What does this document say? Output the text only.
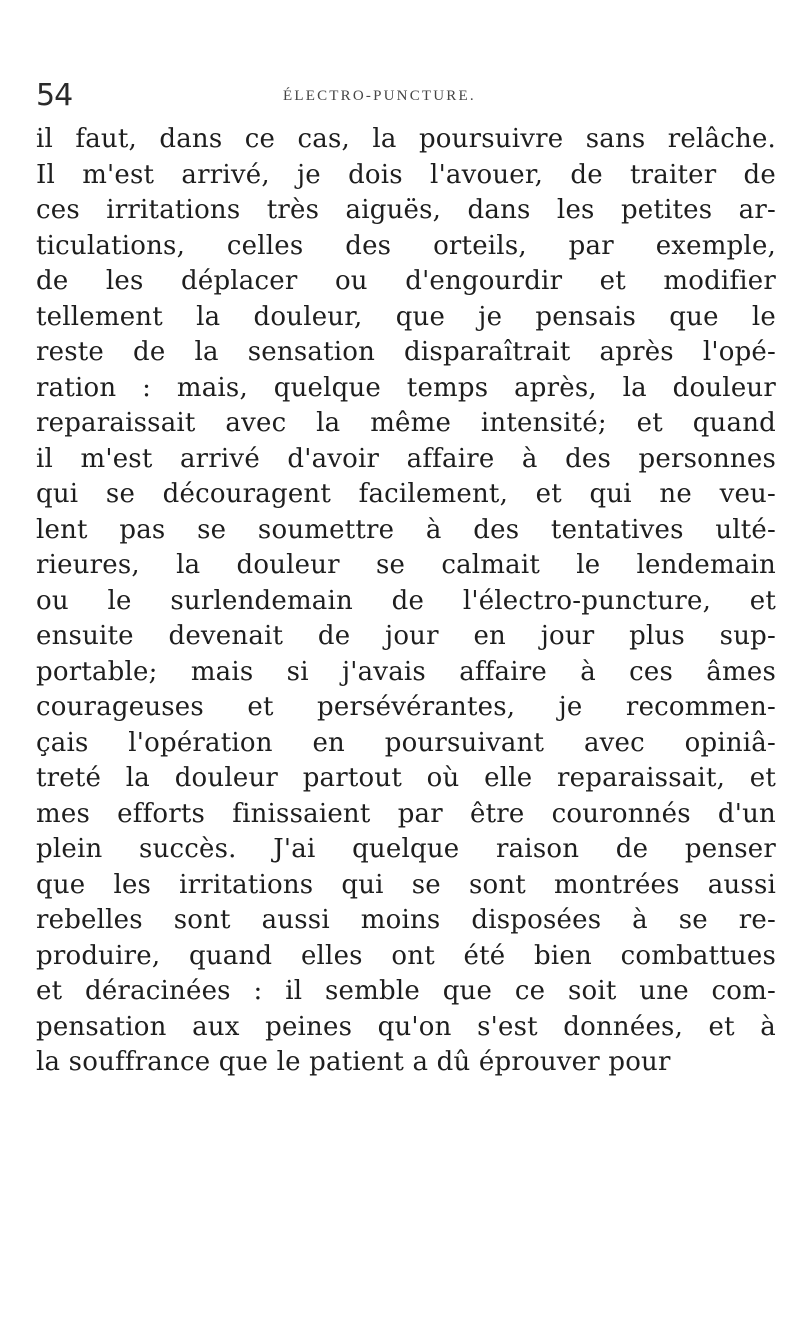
54	ÉLECTRO-PUNCTURE.
il faut, dans ce cas, la poursuivre sans relâche.
Il m'est arrivé, je dois l'avouer, de traiter de
ces irritations très aiguës, dans les petites ar-
ticulations, celles des orteils, par exemple,
de les déplacer ou d'engourdir et modifier
tellement la douleur, que je pensais que le
reste de la sensation disparaîtrait après l'opé-
ration : mais, quelque temps après, la douleur
reparaissait avec la même intensité; et quand
il m'est arrivé d'avoir affaire à des personnes
qui se découragent facilement, et qui ne veu-
lent pas se soumettre à des tentatives ulté-
rieures, la douleur se calmait le lendemain
ou le surlendemain de l'électro-puncture, et
ensuite devenait de jour en jour plus sup-
portable; mais si j'avais affaire à ces âmes
courageuses et persévérantes, je recommen-
çais l'opération en poursuivant avec opiniâ-
treté la douleur partout où elle reparaissait, et
mes efforts finissaient par être couronnés d'un
plein succès. J'ai quelque raison de penser
que les irritations qui se sont montrées aussi
rebelles sont aussi moins disposées à se re-
produire, quand elles ont été bien combattues
et déracinées : il semble que ce soit une com-
pensation aux peines qu'on s'est données, et à
la souffrance que le patient a dû éprouver pour
